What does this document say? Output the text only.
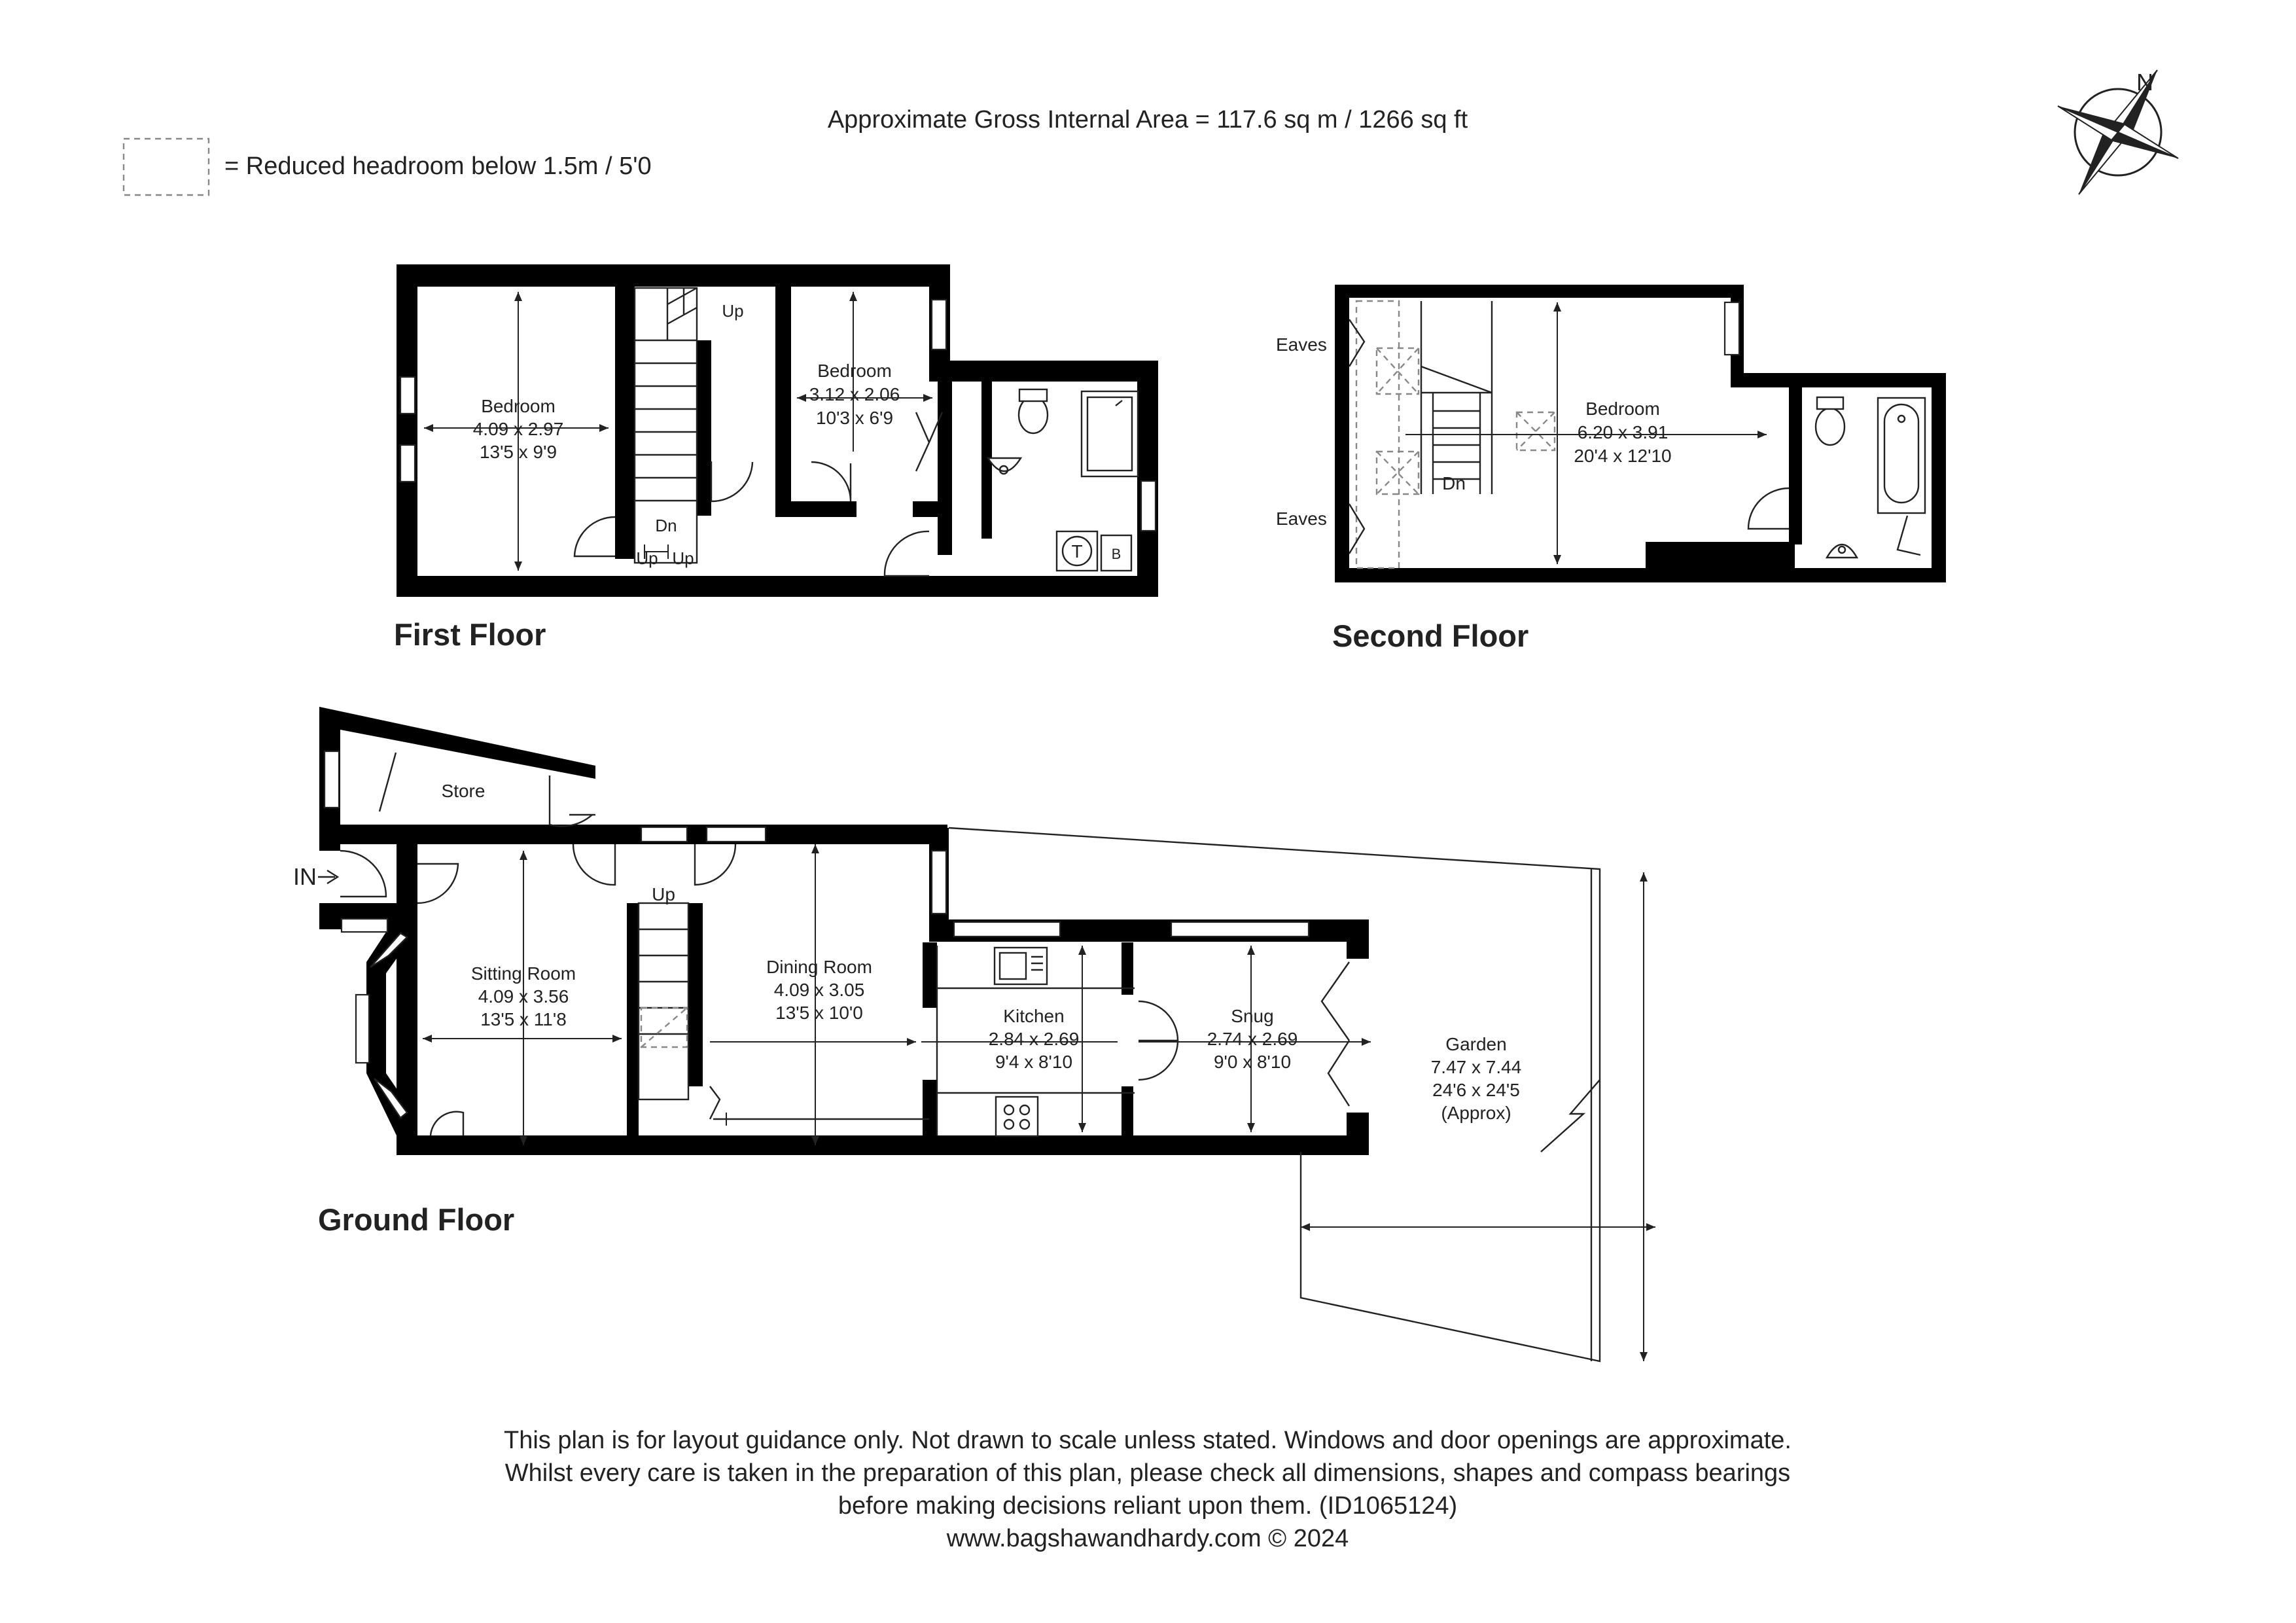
Approximate Gross Internal Area = 117.6 sq m / 1266 sq ft
= Reduced headroom below 1.5m / 5'0
N
T B
Bedroom
4.09 x 2.97
13'5 x 9'9
Bedroom
3.12 x 2.06
10'3 x 6'9
Up
Dn
Up Up
First Floor
Eaves
Eaves
Dn
Bedroom
6.20 x 3.91
20'4 x 12'10
Second Floor
IN
Store
Up
Sitting Room
4.09 x 3.56
13'5 x 11'8
Dining Room
4.09 x 3.05
13'5 x 10'0	Kitchen
2.84 x 2.69
9'4 x 8'10
Snug
2.74 x 2.69
9'0 x 8'10
Garden
7.47 x 7.44
24'6 x 24'5
(Approx)
Ground Floor
This plan is for layout guidance only. Not drawn to scale unless stated. Windows and door openings are approximate.
Whilst every care is taken in the preparation of this plan, please check all dimensions, shapes and compass bearings
before making decisions reliant upon them. (ID1065124)
www.bagshawandhardy.com © 2024
